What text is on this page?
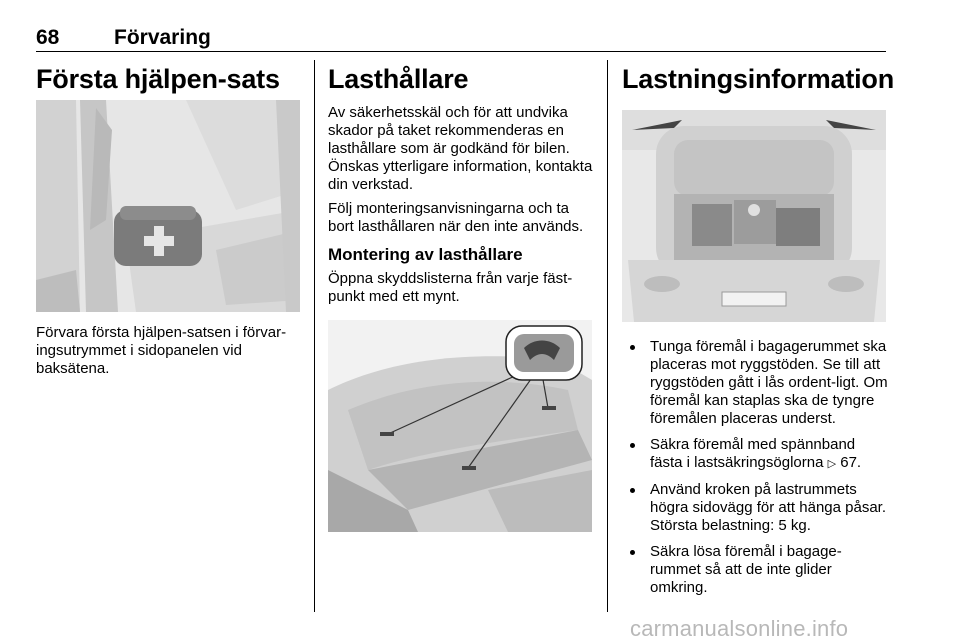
68	Förvaring
Första hjälpen-sats

Förvara första hjälpen-satsen i förvar-ingsutrymmet i sidopanelen vid baksätena.

Lasthållare

Av säkerhetsskäl och för att undvika skador på taket rekommenderas en lasthållare som är godkänd för bilen. Önskas ytterligare information, kontakta din verkstad.

Följ monteringsanvisningarna och ta bort lasthållaren när den inte används.

Montering av lasthållare

Öppna skyddslisterna från varje fäst-punkt med ett mynt.

Lastningsinformation
Tunga föremål i bagagerummet ska placeras mot ryggstöden. Se till att ryggstöden gått i lås ordent-ligt. Om föremål kan staplas ska de tyngre föremålen placeras underst.
Säkra föremål med spännband fästa i lastsäkringsöglorna ▷ 67.
Använd kroken på lastrummets högra sidovägg för att hänga påsar. Största belastning: 5 kg.
Säkra lösa föremål i bagage-rummet så att de inte glider omkring.
carmanualsonline.info
